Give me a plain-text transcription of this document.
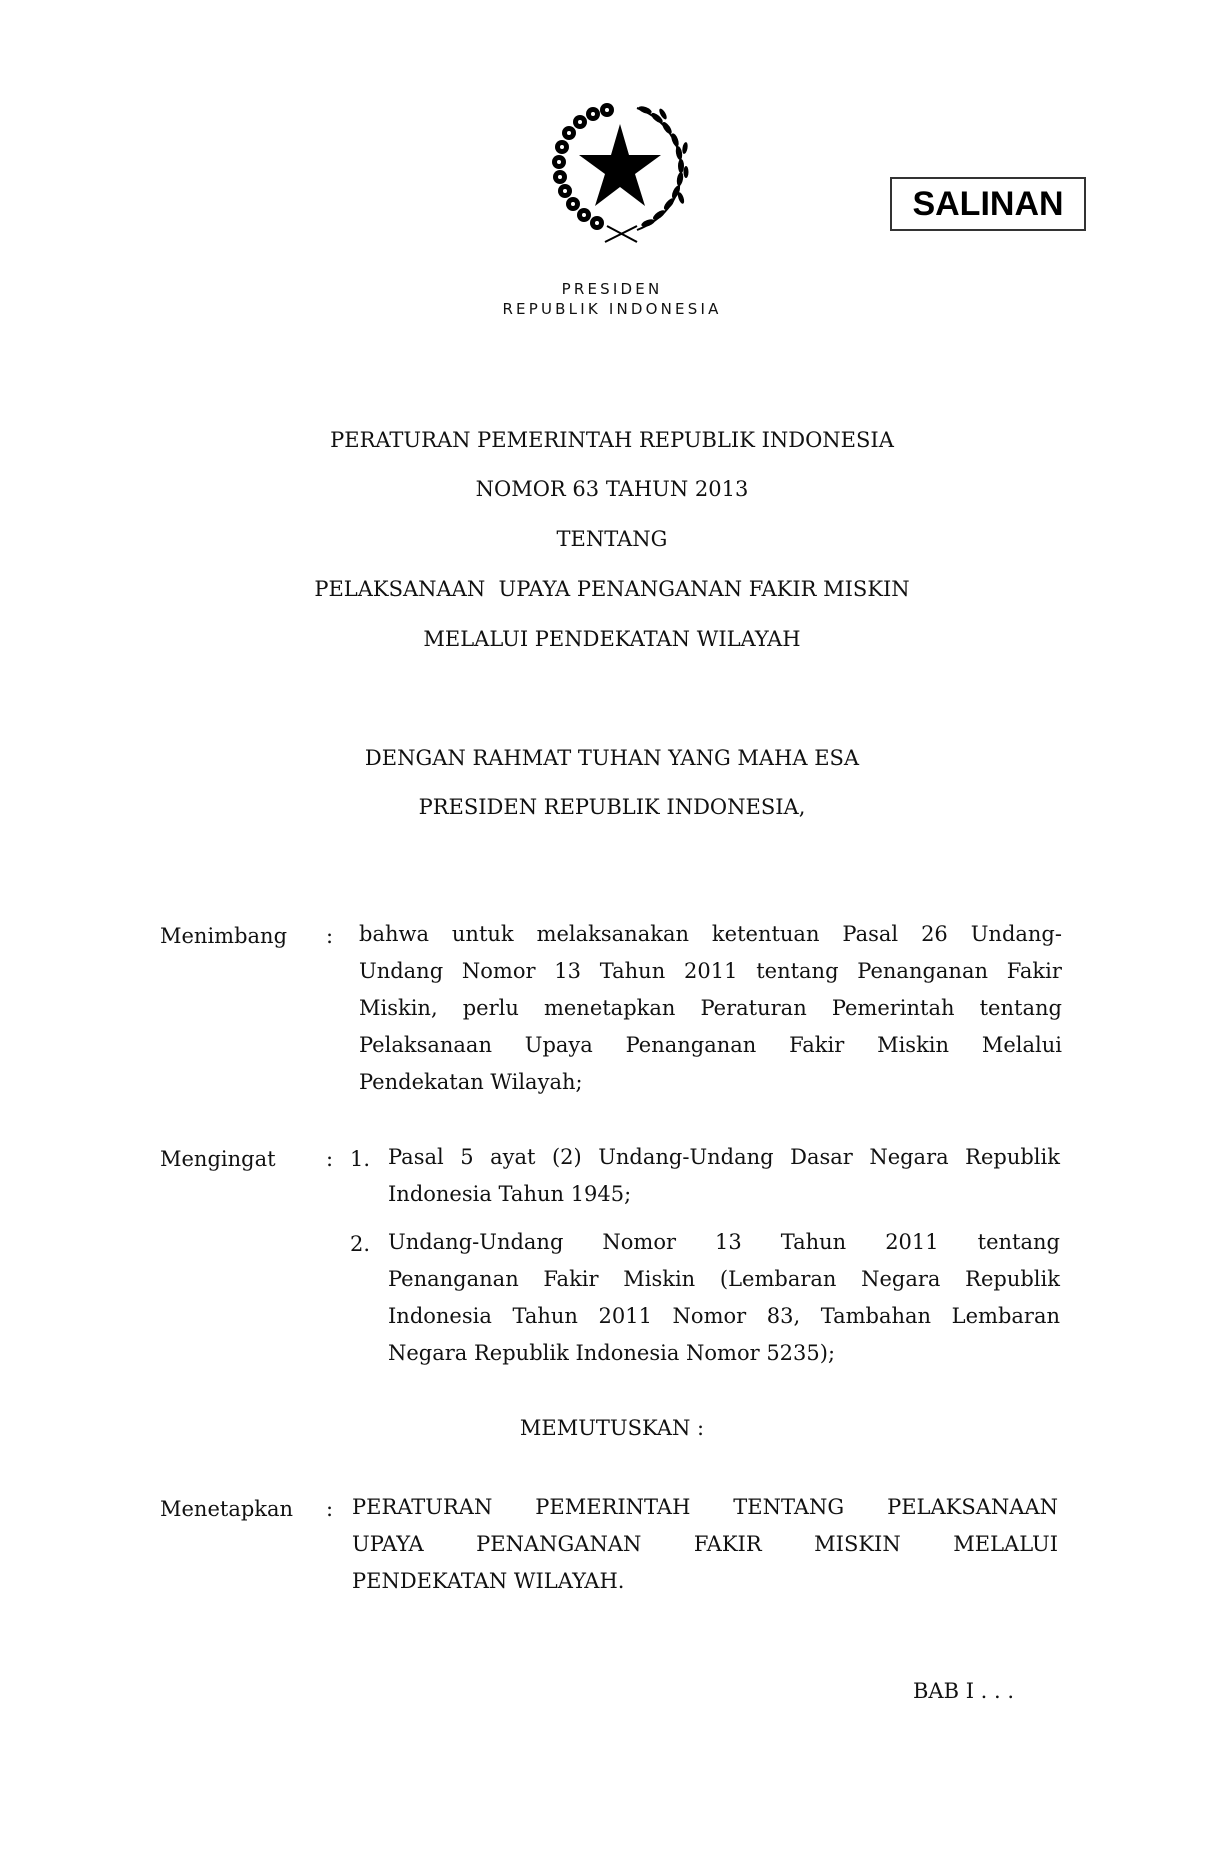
SALINAN
PRESIDEN
REPUBLIK INDONESIA
PERATURAN PEMERINTAH REPUBLIK INDONESIA
NOMOR 63 TAHUN 2013
TENTANG
PELAKSANAAN  UPAYA PENANGANAN FAKIR MISKIN
MELALUI PENDEKATAN WILAYAH
DENGAN RAHMAT TUHAN YANG MAHA ESA
PRESIDEN REPUBLIK INDONESIA,
Menimbang : bahwa untuk melaksanakan ketentuan Pasal 26 Undang-
Undang Nomor 13 Tahun 2011 tentang Penanganan Fakir
Miskin, perlu menetapkan Peraturan Pemerintah tentang
Pelaksanaan Upaya Penanganan Fakir Miskin Melalui
Pendekatan Wilayah;
Mengingat : 1. Pasal 5 ayat (2) Undang-Undang Dasar Negara Republik
Indonesia Tahun 1945;
2. Undang-Undang Nomor 13 Tahun 2011 tentang
Penanganan Fakir Miskin (Lembaran Negara Republik
Indonesia Tahun 2011 Nomor 83, Tambahan Lembaran
Negara Republik Indonesia Nomor 5235);
MEMUTUSKAN :
Menetapkan : PERATURAN PEMERINTAH TENTANG PELAKSANAAN
UPAYA	PENANGANAN	FAKIR	MISKIN	MELALUI
PENDEKATAN WILAYAH.
BAB I . . .
